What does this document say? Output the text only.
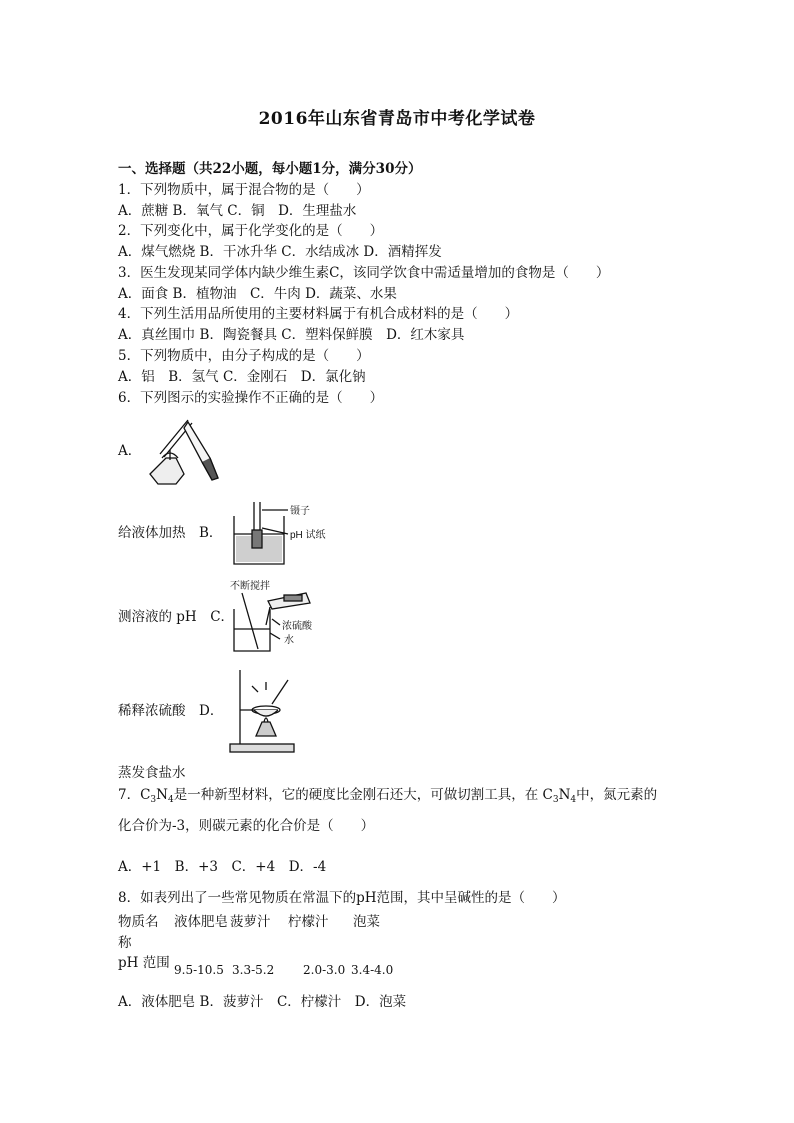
2016年山东省青岛市中考化学试卷
一、选择题（共22小题，每小题1分，满分30分）
1．下列物质中，属于混合物的是（　　）
A．蔗糖 B．氧气 C．铜　D．生理盐水
2．下列变化中，属于化学变化的是（　　）
A．煤气燃烧 B．干冰升华 C．水结成冰 D．酒精挥发
3．医生发现某同学体内缺少维生素C，该同学饮食中需适量增加的食物是（　　）
A．面食 B．植物油　C．牛肉 D．蔬菜、水果
4．下列生活用品所使用的主要材料属于有机合成材料的是（　　）
A．真丝围巾 B．陶瓷餐具 C．塑料保鲜膜　D．红木家具
5．下列物质中，由分子构成的是（　　）
A．铝　B．氢气 C．金刚石　D．氯化钠
6．下列图示的实验操作不正确的是（　　）
A．
给液体加热　 B．
镊子
pH 试纸
测溶液的 pH　 C．
不断搅拌
浓硫酸
水
稀释浓硫酸　 D．
蒸发食盐水
7．$C_3N_4$是一种新型材料，它的硬度比金刚石还大，可做切割工具，在 $C_3N_4$中，氮元素的
化合价为-3，则碳元素的化合价是（　　）
A．+1　B．+3　C．+4　D．-4
8．如表列出了一些常见物质在常温下的pH范围，其中呈碱性的是（　　）
物质名 液体肥皂 菠萝汁 柠檬汁 泡菜
称
pH 范围 9.5-10.5 3.3-5.2 2.0-3.0 3.4-4.0
A．液体肥皂 B．菠萝汁　C．柠檬汁　D．泡菜
